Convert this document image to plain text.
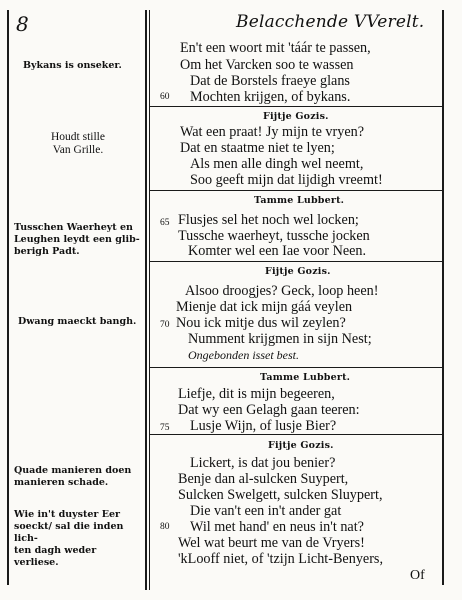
8	Belacchende VVerelt.
Bykans is onseker.
Houdt stille
Van Grille.
Tusschen Waerheyt en
Leughen leydt een glib-
berigh Padt.
Dwang maeckt bangh.
Quade manieren doen
manieren schade.
Wie in't duyster Eer
soeckt/ sal die inden lich-
ten dagh weder verliese.
60
65
70
75
80
En't een woort mit 'táár te passen,
Om het Varcken soo te wassen
Dat de Borstels fraeye glans
Mochten krijgen, of bykans.
Fijtje Gozis.
Wat een praat! Jy mijn te vryen?
Dat en staatme niet te lyen;
Als men alle dingh wel neemt,
Soo geeft mijn dat lijdigh vreemt!
Tamme Lubbert.
Flusjes sel het noch wel locken;
Tussche waerheyt, tussche jocken
Komter wel een Iae voor Neen.
Fijtje Gozis.
Alsoo droogjes? Geck, loop heen!
Mienje dat ick mijn gáá veylen
Nou ick mitje dus wil zeylen?
Numment krijgmen in sijn Nest;
Ongebonden isset best.
Tamme Lubbert.
Liefje, dit is mijn begeeren,
Dat wy een Gelagh gaan teeren:
Lusje Wijn, of lusje Bier?
Fijtje Gozis.
Lickert, is dat jou benier?
Benje dan al-sulcken Suypert,
Sulcken Swelgett, sulcken Sluypert,
Die van't een in't ander gat
Wil met hand' en neus in't nat?
Wel wat beurt me van de Vryers!
'kLooff niet, of 'tzijn Licht-Benyers,
Of
